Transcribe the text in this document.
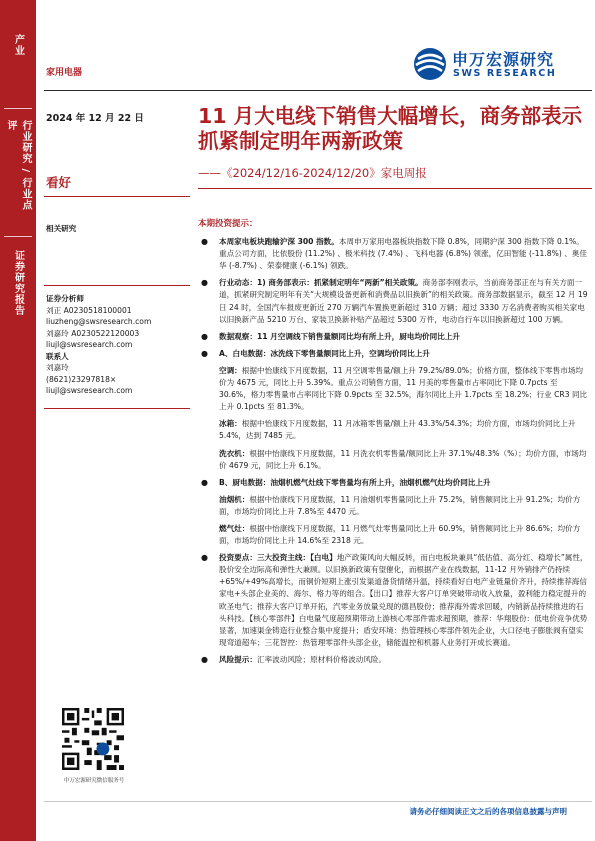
产业
行业研究 / 行业点评
证券研究报告
家用电器
申万宏源研究
SWS RESEARCH
2024 年 12 月 22 日
看好
相关研究
证券分析师
刘正 A0230518100001
liuzheng@swsresearch.com
刘嘉玲 A0230522120003
liujl@swsresearch.com
联系人
刘嘉玲
(8621)23297818×
liujl@swsresearch.com
11 月大电线下销售大幅增长，商务部表示抓紧制定明年两新政策
——《2024/12/16-2024/12/20》家电周报
本期投资提示：
● 本周家电板块跑输沪深 300 指数。本周申万家用电器板块指数下降 0.8%，同期沪深 300 指数下降 0.1%。重点公司方面，比依股份 (11.2%) 、极米科技 (7.4%) 、飞科电器 (6.8%) 领涨，亿田智能 (-11.8%) 、奥佳华 (-8.7%) 、荣泰健康 (-6.1%) 领跌。
● 行业动态：1) 商务部表示：抓紧制定明年“两新”相关政策。商务部李刚表示，当前商务部正在与有关方面一道，抓紧研究制定明年有关“大规模设备更新和消费品以旧换新”的相关政策。商务部数据显示，截至 12 月 19 日 24 时，全国汽车报废更新近 270 万辆汽车置换更新超过 310 万辆；超过 3330 万名消费者购买相关家电以旧换新产品 5210 万台、家装卫换新补贴产品超过 5300 万件，电动自行车以旧换新超过 100 万辆。
● 数据观察：11 月空调线下销售量额同比均有所上升，厨电均价同比上升
● A、白电数据：冰洗线下零售量额同比上升，空调均价同比上升
空调：根据中怡康线下月度数据，11 月空调零售量/额上升 79.2%/89.0%；价格方面，整体线下零售市场均价为 4675 元，同比上升 5.39%。重点公司销售方面，11 月美的零售量市占率同比下降 0.7pcts 至 30.6%，格力零售量市占率同比下降 0.9pcts 至 32.5%，海尔同比上升 1.7pcts 至 18.2%；行业 CR3 同比上升 0.1pcts 至 81.3%。
冰箱：根据中怡康线下月度数据，11 月冰箱零售量/额上升 43.3%/54.3%；均价方面，市场均价同比上升 5.4%，达到 7485 元。
洗衣机：根据中怡康线下月度数据，11 月洗衣机零售量/额同比上升 37.1%/48.3%（%）；均价方面，市场均价 4679 元，同比上升 6.1%。
● B、厨电数据：油烟机燃气灶线下零售量均有所上升，油烟机燃气灶均价同比上升
油烟机：根据中怡康线下月度数据，11 月油烟机零售量同比上升 75.2%，销售额同比上升 91.2%；均价方面，市场均价同比上升 7.8%至 4470 元。
燃气灶：根据中怡康线下月度数据，11 月燃气灶零售量同比上升 60.9%，销售额同比上升 86.6%；均价方面，市场均价同比上升 14.6%至 2318 元。
● 投资要点：三大投资主线：【白电】地产政策风向大幅反转，而白电板块兼具“低估值、高分红、稳增长”属性，股价安全边际高和弹性大兼顾。以旧换新政策有望催化，而根据产业在线数据，11-12 月外销排产仍持续+65%/+49%高增长，而铜价短期上涨引发渠道备货情绪升温，持续看好白电产业链量价齐升，持续推荐海信家电+头部企业美的、海尔、格力等的组合。【出口】推荐大客户订单突破带动收入放量，盈利能力稳定提升的欧圣电气；推荐大客户订单开拓，汽零业务放量兑现的德昌股份；推荐海外需求回暖，内销新品持续推进的石头科技。【核心零部件】白电量气度超预期带动上游核心零部件需求超预期，推荐：华翔股份：低电价竞争优势显著，加速渠金铸造行业整合集中度提升；盾安环境：热管理核心零部件领先企业，大口径电子膨胀阀有望实现弯道超车；三花智控：热管理零部件头部企业，储能温控和机器人业务打开成长赛道。
● 风险提示：汇率波动风险；原材料价格波动风险。
中万宏源研究微信服务号
请务必仔细阅读正文之后的各项信息披露与声明
